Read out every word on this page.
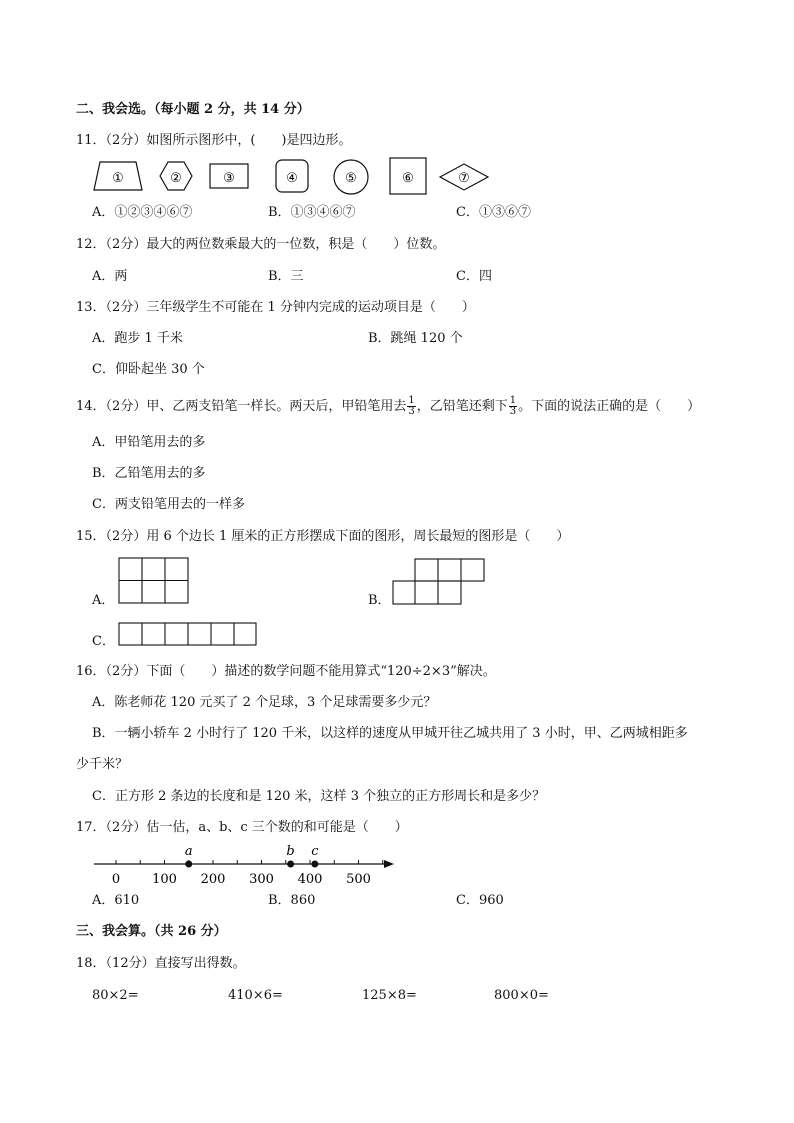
二、我会选。（每小题 2 分，共 14 分）
11．（2分）如图所示图形中，(　　)是四边形。
①	②	③	④	⑤	⑥	⑦
A．①②③④⑥⑦	B．①③④⑥⑦	C．①③⑥⑦
12．（2分）最大的两位数乘最大的一位数，积是（　　）位数。
A．两	B．三	C．四
13．（2分）三年级学生不可能在 1 分钟内完成的运动项目是（　　）
A．跑步 1 千米	B．跳绳 120 个
C．仰卧起坐 30 个
14．（2分）甲、乙两支铅笔一样长。两天后，甲铅笔用去 $\frac{1}{3}$ ，乙铅笔还剩下 $\frac{1}{3}$ 。下面的说法正确的是（　　）
A．甲铅笔用去的多
B．乙铅笔用去的多
C．两支铅笔用去的一样多
15．（2分）用 6 个边长 1 厘米的正方形摆成下面的图形，周长最短的图形是（　　）
A．	B．
C．
16．（2分）下面（　　）描述的数学问题不能用算式“120÷2×3”解决。
A．陈老师花 120 元买了 2 个足球，3 个足球需要多少元？
B．一辆小轿车 2 小时行了 120 千米，以这样的速度从甲城开往乙城共用了 3 小时，甲、乙两城相距多
少千米？
C．正方形 2 条边的长度和是 120 米，这样 3 个独立的正方形周长和是多少？
17．（2分）估一估，a、b、c 三个数的和可能是（　　）
0 100 200 300 400 500
a	b c
A．610	B．860	C．960
三、我会算。（共 26 分）
18．（12分）直接写出得数。
80×2=	410×6=	125×8=	800×0=
